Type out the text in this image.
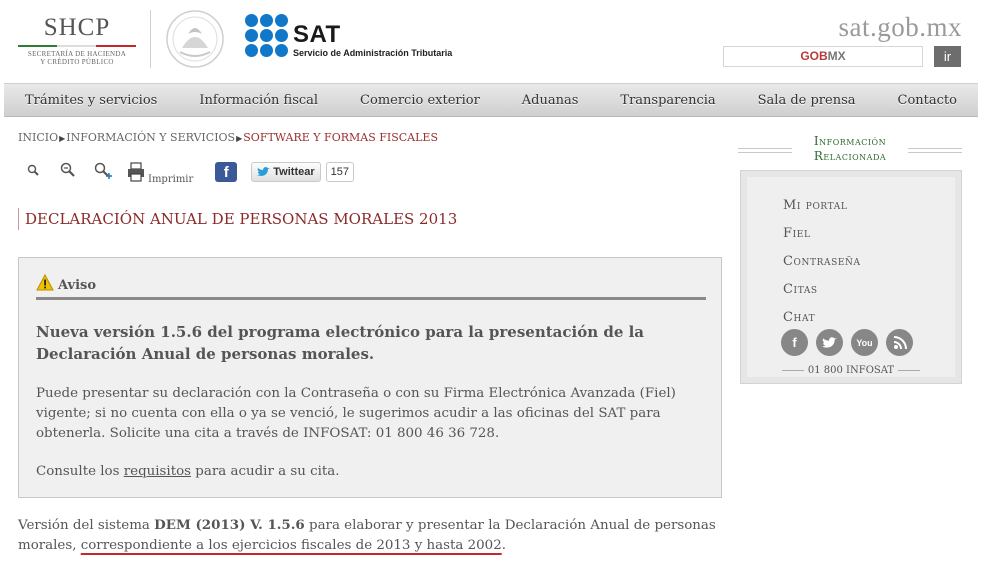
SHCP
SECRETARÍA DE HACIENDA
Y CRÉDITO PÚBLICO
SAT
Servicio de Administración Tributaria
sat.gob.mx
GOBMX	ir
Trámites y servicios	Información fiscal	Comercio exterior	Aduanas	Transparencia	Sala de prensa	Contacto
INICIO▶INFORMACIÓN Y SERVICIOS▶SOFTWARE Y FORMAS FISCALES
Imprimir	f	Twittear	157
DECLARACIÓN ANUAL DE PERSONAS MORALES 2013
Aviso
Nueva versión 1.5.6 del programa electrónico para la presentación de la Declaración Anual de personas morales.
Puede presentar su declaración con la Contraseña o con su Firma Electrónica Avanzada (Fiel) vigente; si no cuenta con ella o ya se venció, le sugerimos acudir a las oficinas del SAT para obtenerla. Solicite una cita a través de INFOSAT: 01 800 46 36 728.
Consulte los requisitos para acudir a su cita.
Versión del sistema DEM (2013) V. 1.5.6 para elaborar y presentar la Declaración Anual de personas morales, correspondiente a los ejercicios fiscales de 2013 y hasta 2002.
Información Relacionada
Mi portal
Fiel
Contraseña
Citas
Chat
f	You
01 800 INFOSAT
